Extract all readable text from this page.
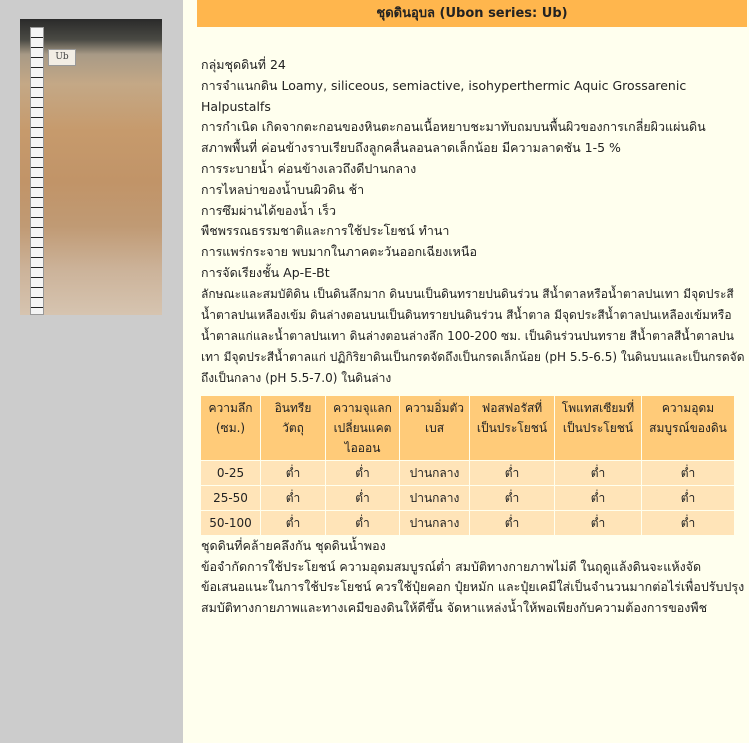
Ub
ชุดดินอุบล (Ubon series: Ub)

กลุ่มชุดดินที่ 24

การจำแนกดิน Loamy, siliceous, semiactive, isohyperthermic Aquic Grossarenic Halpustalfs

การกำเนิด เกิดจากตะกอนของหินตะกอนเนื้อหยาบชะมาทับถมบนพื้นผิวของการเกลี่ยผิวแผ่นดิน

สภาพพื้นที่ ค่อนข้างราบเรียบถึงลูกคลื่นลอนลาดเล็กน้อย มีความลาดชัน 1-5 %

การระบายน้ำ ค่อนข้างเลวถึงดีปานกลาง

การไหลบ่าของน้ำบนผิวดิน ช้า

การซึมผ่านได้ของน้ำ เร็ว

พืชพรรณธรรมชาติและการใช้ประโยชน์ ทำนา

การแพร่กระจาย พบมากในภาคตะวันออกเฉียงเหนือ

การจัดเรียงชั้น Ap-E-Bt

ลักษณะและสมบัติดิน เป็นดินลึกมาก ดินบนเป็นดินทรายปนดินร่วน สีน้ำตาลหรือน้ำตาลปนเทา มีจุดประสีน้ำตาลปนเหลืองเข้ม ดินล่างตอนบนเป็นดินทรายปนดินร่วน สีน้ำตาล มีจุดประสีน้ำตาลปนเหลืองเข้มหรือน้ำตาลแก่และน้ำตาลปนเทา ดินล่างตอนล่างลึก 100-200 ซม. เป็นดินร่วนปนทราย สีน้ำตาลสีน้ำตาลปนเทา มีจุดประสีน้ำตาลแก่ ปฏิกิริยาดินเป็นกรดจัดถึงเป็นกรดเล็กน้อย (pH 5.5-6.5) ในดินบนและเป็นกรดจัดถึงเป็นกลาง (pH 5.5-7.0) ในดินล่าง

ความลึก (ซม.)	อินทรีย วัตถุ	ความจุแลกเปลี่ยนแคตไอออน	ความอิ่มตัวเบส	ฟอสฟอรัสที่เป็นประโยชน์	โพแทสเซียมที่เป็นประโยชน์	ความอุดมสมบูรณ์ของดิน
0-25	ต่ำ	ต่ำ	ปานกลาง	ต่ำ	ต่ำ	ต่ำ
25-50	ต่ำ	ต่ำ	ปานกลาง	ต่ำ	ต่ำ	ต่ำ
50-100	ต่ำ	ต่ำ	ปานกลาง	ต่ำ	ต่ำ	ต่ำ

ชุดดินที่คล้ายคลึงกัน ชุดดินน้ำพอง

ข้อจำกัดการใช้ประโยชน์ ความอุดมสมบูรณ์ต่ำ สมบัติทางกายภาพไม่ดี ในฤดูแล้งดินจะแห้งจัด

ข้อเสนอแนะในการใช้ประโยชน์ ควรใช้ปุ๋ยคอก ปุ๋ยหมัก และปุ๋ยเคมีใส่เป็นจำนวนมากต่อไร่เพื่อปรับปรุงสมบัติทางกายภาพและทางเคมีของดินให้ดีขึ้น จัดหาแหล่งน้ำให้พอเพียงกับความต้องการของพืช
